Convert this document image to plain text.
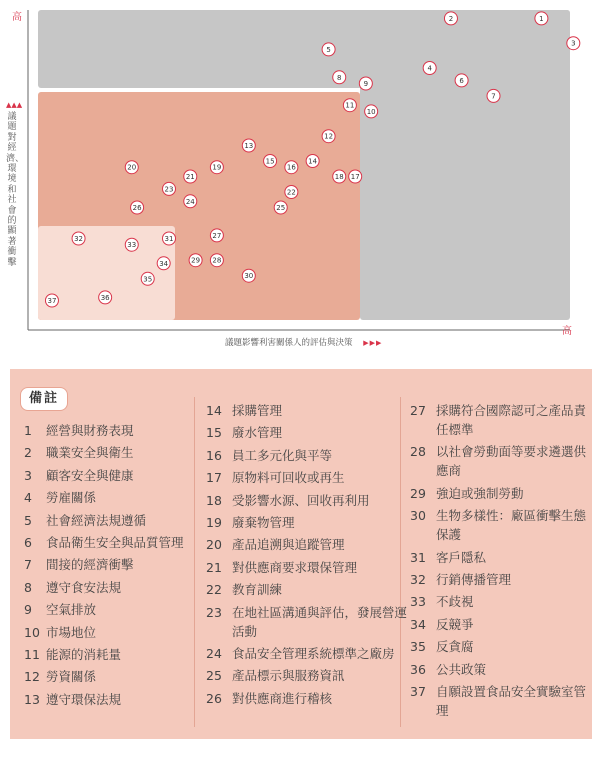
1
2
3
4
5
6
7
8
9
10
11
12
13
14
15
16
17
18
19
20
21
22
23
24
25
26
27
28
29
30
31
32
33
34
35
36
37
高
高
▲▲▲
議題對經濟、環境和社會的顯著衝擊
議題影響利害關係人的評估與決策 ▶▶▶
備註
1 經營與財務表現
2 職業安全與衛生
3 顧客安全與健康
4 勞雇關係
5 社會經濟法規遵循
6 食品衛生安全與品質管理
7 間接的經濟衝擊
8 遵守食安法規
9 空氣排放
10 市場地位
11 能源的消耗量
12 勞資關係
13 遵守環保法規
14 採購管理
15 廢水管理
16 員工多元化與平等
17 原物料可回收或再生
18 受影響水源、回收再利用
19 廢棄物管理
20 產品追溯與追蹤管理
21 對供應商要求環保管理
22 教育訓練
23 在地社區溝通與評估，發展營運活動
24 食品安全管理系統標準之廠房
25 產品標示與服務資訊
26 對供應商進行稽核
27 採購符合國際認可之產品責任標準
28 以社會勞動面等要求遴選供應商
29 強迫或強制勞動
30 生物多樣性：廠區衝擊生態保護
31 客戶隱私
32 行銷傳播管理
33 不歧視
34 反競爭
35 反貪腐
36 公共政策
37 自願設置食品安全實驗室管理
